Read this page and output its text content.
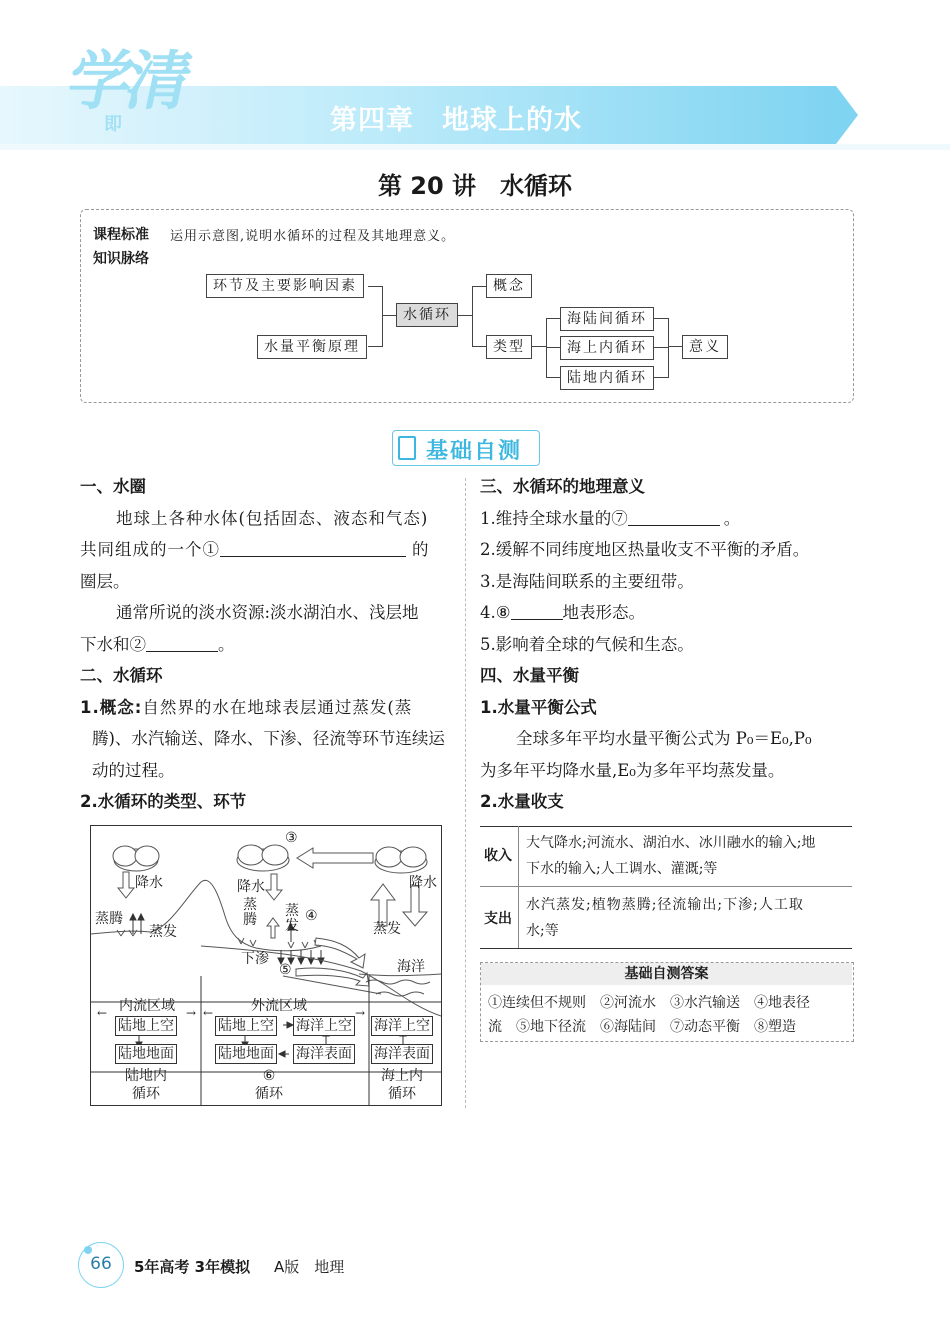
学清
即	第四章　地球上的水
第 20 讲　水循环
课程标准 运用示意图,说明水循环的过程及其地理意义。
知识脉络
环节及主要影响因素
水量平衡原理
水循环
概念
类型
海陆间循环
海上内循环
陆地内循环
意义
基础自测
一、水圈
地球上各种水体(包括固态、液态和气态)
共同组成的一个①	的
圈层。
通常所说的淡水资源:淡水湖泊水、浅层地
下水和②	。
二、水循环
1.概念:自然界的水在地球表层通过蒸发(蒸
腾)、水汽输送、降水、下渗、径流等环节连续运
动的过程。
2.水循环的类型、环节
←	→ ←	→
降水
蒸腾
蒸发
降水
蒸
腾
蒸
发
③
④
⑤
下渗
降水
蒸发
海洋
内流区域	外流区域
陆地上空
陆地地面
陆地上空 海洋上空
陆地地面 海洋表面
海洋上空
海洋表面
陆地内
循环
⑥
循环
海上内
循环
三、水循环的地理意义
1.维持全球水量的⑦	。
2.缓解不同纬度地区热量收支不平衡的矛盾。
3.是海陆间联系的主要纽带。
4.⑧	地表形态。
5.影响着全球的气候和生态。
四、水量平衡
1.水量平衡公式
全球多年平均水量平衡公式为 P₀＝E₀,P₀
为多年平均降水量,E₀为多年平均蒸发量。
2.水量收支
收入
大气降水;河流水、湖泊水、冰川融水的输入;地
下水的输入;人工调水、灌溉;等
支出
水汽蒸发;植物蒸腾;径流输出;下渗;人工取
水;等
基础自测答案
①连续但不规则　②河流水　③水汽输送　④地表径
流　⑤地下径流　⑥海陆间　⑦动态平衡　⑧塑造
66	5年高考 3年模拟 A版　地理
